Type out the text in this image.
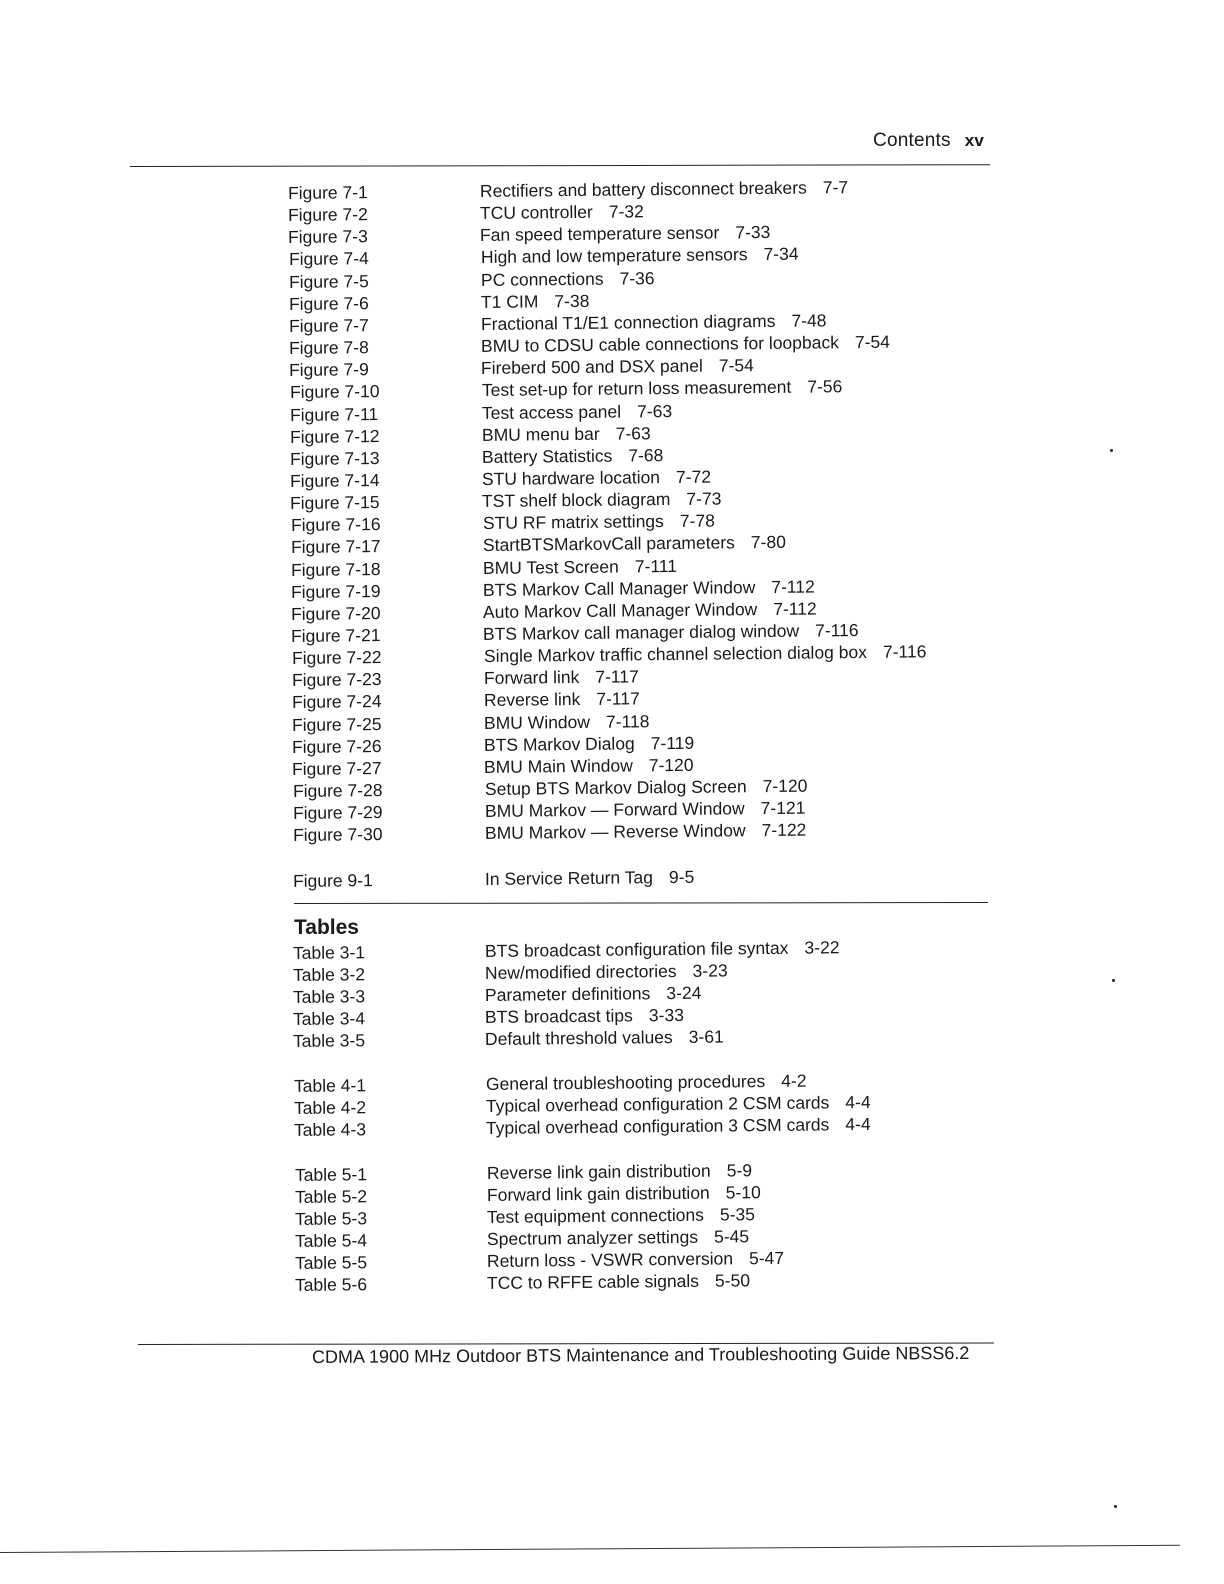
Contents xv
Figure 7-1	Rectifiers and battery disconnect breakers 7-7
Figure 7-2	TCU controller 7-32
Figure 7-3	Fan speed temperature sensor 7-33
Figure 7-4	High and low temperature sensors 7-34
Figure 7-5	PC connections 7-36
Figure 7-6	T1 CIM 7-38
Figure 7-7	Fractional T1/E1 connection diagrams 7-48
Figure 7-8	BMU to CDSU cable connections for loopback 7-54
Figure 7-9	Fireberd 500 and DSX panel 7-54
Figure 7-10	Test set-up for return loss measurement 7-56
Figure 7-11	Test access panel 7-63
Figure 7-12	BMU menu bar 7-63
Figure 7-13	Battery Statistics 7-68
Figure 7-14	STU hardware location 7-72
Figure 7-15	TST shelf block diagram 7-73
Figure 7-16	STU RF matrix settings 7-78
Figure 7-17	StartBTSMarkovCall parameters 7-80
Figure 7-18	BMU Test Screen 7-111
Figure 7-19	BTS Markov Call Manager Window 7-112
Figure 7-20	Auto Markov Call Manager Window 7-112
Figure 7-21	BTS Markov call manager dialog window 7-116
Figure 7-22	Single Markov traffic channel selection dialog box 7-116
Figure 7-23	Forward link 7-117
Figure 7-24	Reverse link 7-117
Figure 7-25	BMU Window 7-118
Figure 7-26	BTS Markov Dialog 7-119
Figure 7-27	BMU Main Window 7-120
Figure 7-28	Setup BTS Markov Dialog Screen 7-120
Figure 7-29	BMU Markov — Forward Window 7-121
Figure 7-30	BMU Markov — Reverse Window 7-122
Figure 9-1	In Service Return Tag 9-5
Tables
Table 3-1	BTS broadcast configuration file syntax 3-22
Table 3-2	New/modified directories 3-23
Table 3-3	Parameter definitions 3-24
Table 3-4	BTS broadcast tips 3-33
Table 3-5	Default threshold values 3-61
Table 4-1	General troubleshooting procedures 4-2
Table 4-2	Typical overhead configuration 2 CSM cards 4-4
Table 4-3	Typical overhead configuration 3 CSM cards 4-4
Table 5-1	Reverse link gain distribution 5-9
Table 5-2	Forward link gain distribution 5-10
Table 5-3	Test equipment connections 5-35
Table 5-4	Spectrum analyzer settings 5-45
Table 5-5	Return loss - VSWR conversion 5-47
Table 5-6	TCC to RFFE cable signals 5-50
CDMA 1900 MHz Outdoor BTS Maintenance and Troubleshooting Guide NBSS6.2
